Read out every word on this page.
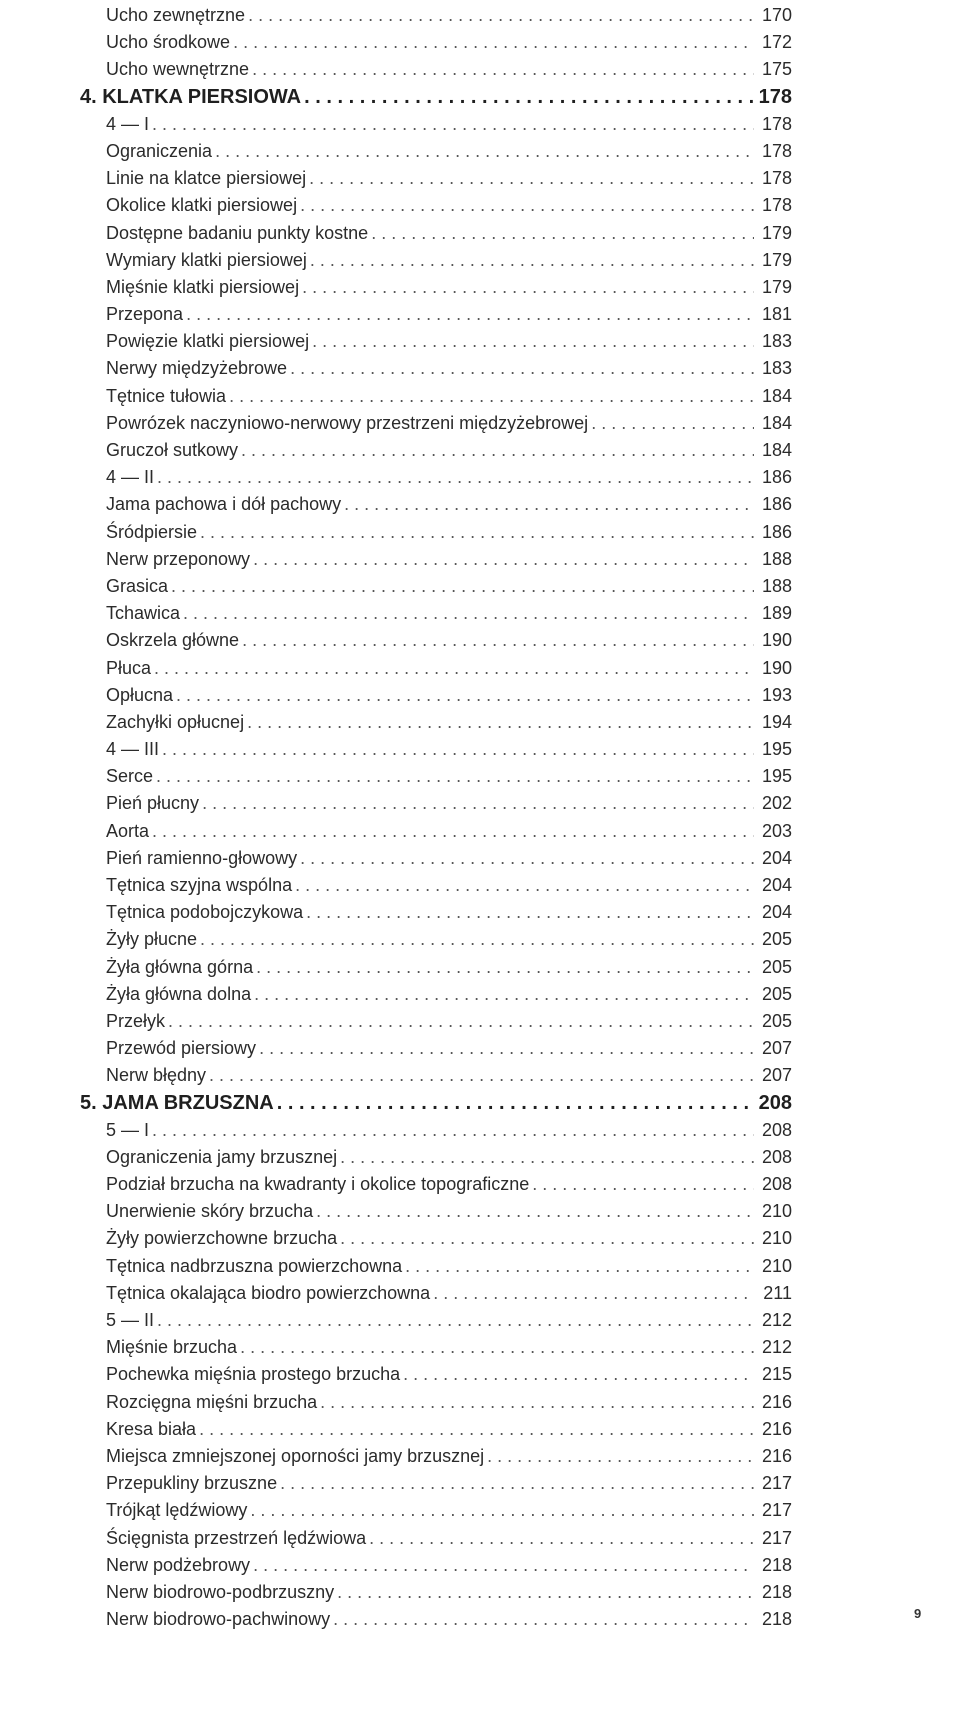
Ucho zewnętrzne . . .	170
Ucho środkowe . . .	172
Ucho wewnętrzne . . .	175
4. KLATKA PIERSIOWA . . .	178
4 — I . . .	178
Ograniczenia . . .	178
Linie na klatce piersiowej . . .	178
Okolice klatki piersiowej . . .	178
Dostępne badaniu punkty kostne . . .	179
Wymiary klatki piersiowej . . .	179
Mięśnie klatki piersiowej . . .	179
Przepona . . .	181
Powięzie klatki piersiowej . . .	183
Nerwy międzyżebrowe . . .	183
Tętnice tułowia . . .	184
Powrózek naczyniowo-nerwowy przestrzeni międzyżebrowej . . .	184
Gruczoł sutkowy . . .	184
4 — II . . .	186
Jama pachowa i dół pachowy . . .	186
Śródpiersie . . .	186
Nerw przeponowy . . .	188
Grasica . . .	188
Tchawica . . .	189
Oskrzela główne . . .	190
Płuca . . .	190
Opłucna . . .	193
Zachyłki opłucnej . . .	194
4 — III . . .	195
Serce . . .	195
Pień płucny . . .	202
Aorta . . .	203
Pień ramienno-głowowy . . .	204
Tętnica szyjna wspólna . . .	204
Tętnica podobojczykowa . . .	204
Żyły płucne . . .	205
Żyła główna górna . . .	205
Żyła główna dolna . . .	205
Przełyk . . .	205
Przewód piersiowy . . .	207
Nerw błędny . . .	207
5. JAMA BRZUSZNA . . .	208
5 — I . . .	208
Ograniczenia jamy brzusznej . . .	208
Podział brzucha na kwadranty i okolice topograficzne . . .	208
Unerwienie skóry brzucha . . .	210
Żyły powierzchowne brzucha . . .	210
Tętnica nadbrzuszna powierzchowna . . .	210
Tętnica okalająca biodro powierzchowna . . .	211
5 — II . . .	212
Mięśnie brzucha . . .	212
Pochewka mięśnia prostego brzucha . . .	215
Rozcięgna mięśni brzucha . . .	216
Kresa biała . . .	216
Miejsca zmniejszonej oporności jamy brzusznej . . .	216
Przepukliny brzuszne . . .	217
Trójkąt lędźwiowy . . .	217
Ścięgnista przestrzeń lędźwiowa . . .	217
Nerw podżebrowy . . .	218
Nerw biodrowo-podbrzuszny . . .	218
Nerw biodrowo-pachwinowy . . .	218	9
